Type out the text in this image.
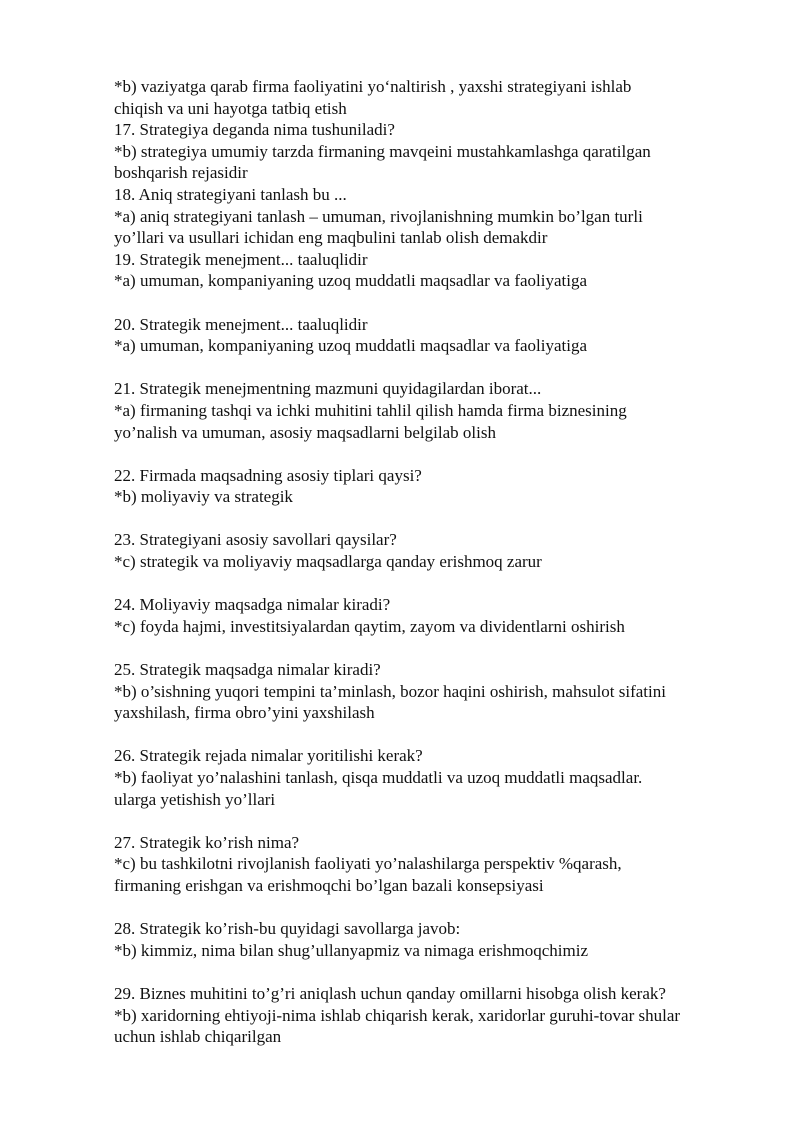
*b) vaziyatga qarab firma faoliyatini yo‘naltirish , yaxshi strategiyani ishlab
chiqish va uni hayotga tatbiq etish
17. Strategiya deganda nima tushuniladi?
*b) strategiya umumiy tarzda firmaning mavqeini mustahkamlashga qaratilgan
boshqarish rejasidir
18. Aniq strategiyani tanlash bu ...
*a) aniq strategiyani tanlash – umuman, rivojlanishning mumkin bo’lgan turli
yo’llari va usullari ichidan eng maqbulini tanlab olish demakdir
19. Strategik menejment... taaluqlidir
*a) umuman, kompaniyaning uzoq muddatli maqsadlar va faoliyatiga
20. Strategik menejment... taaluqlidir
*a) umuman, kompaniyaning uzoq muddatli maqsadlar va faoliyatiga
21. Strategik menejmentning mazmuni quyidagilardan iborat...
*a) firmaning tashqi va ichki muhitini tahlil qilish hamda firma biznesining
yo’nalish va umuman, asosiy maqsadlarni belgilab olish
22. Firmada maqsadning asosiy tiplari qaysi?
*b) moliyaviy va strategik
23. Strategiyani asosiy savollari qaysilar?
*c) strategik va moliyaviy maqsadlarga qanday erishmoq zarur
24. Moliyaviy maqsadga nimalar kiradi?
*c) foyda hajmi, investitsiyalardan qaytim, zayom va dividentlarni oshirish
25. Strategik maqsadga nimalar kiradi?
*b) o’sishning yuqori tempini ta’minlash, bozor haqini oshirish, mahsulot sifatini
yaxshilash, firma obro’yini yaxshilash
26. Strategik rejada nimalar yoritilishi kerak?
*b) faoliyat yo’nalashini tanlash, qisqa muddatli va uzoq muddatli maqsadlar.
ularga yetishish yo’llari
27. Strategik ko’rish nima?
*c) bu tashkilotni rivojlanish faoliyati yo’nalashilarga perspektiv %qarash,
firmaning erishgan va erishmoqchi bo’lgan bazali konsepsiyasi
28. Strategik ko’rish-bu quyidagi savollarga javob:
*b) kimmiz, nima bilan shug’ullanyapmiz va nimaga erishmoqchimiz
29. Biznes muhitini to’g’ri aniqlash uchun qanday omillarni hisobga olish kerak?
*b) xaridorning ehtiyoji-nima ishlab chiqarish kerak, xaridorlar guruhi-tovar shular
uchun ishlab chiqarilgan
